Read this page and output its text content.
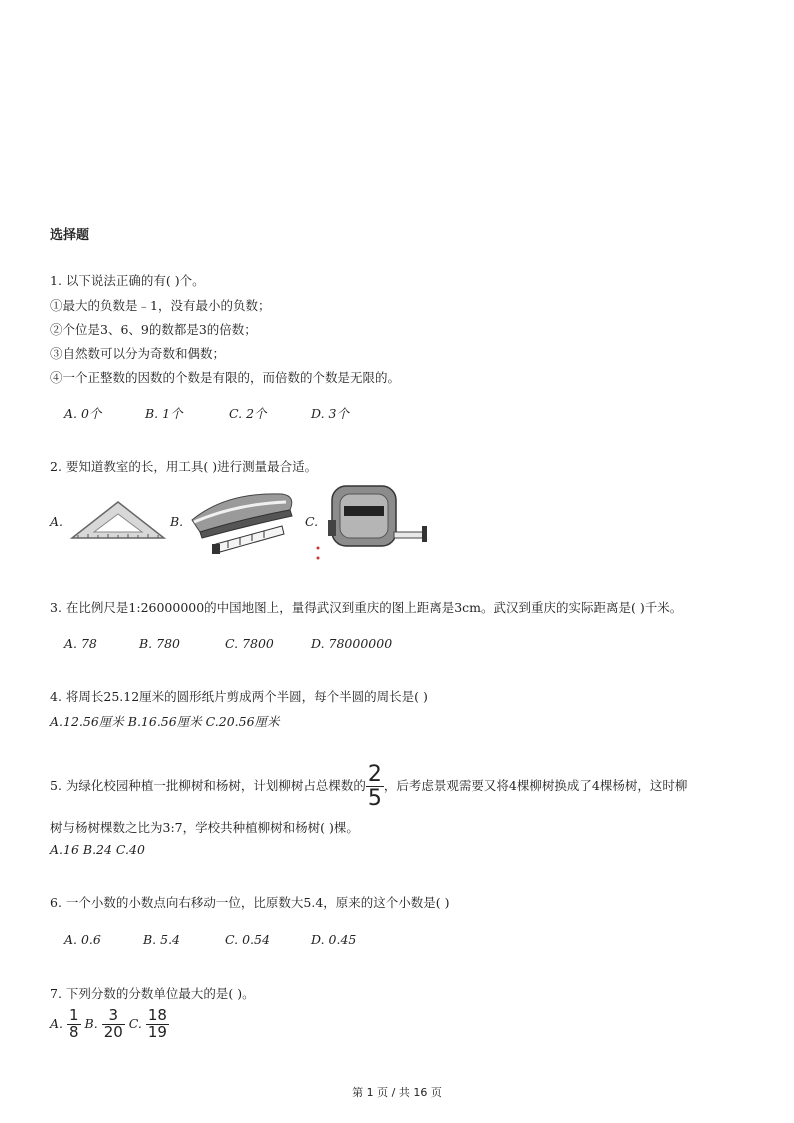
选择题
1. 以下说法正确的有( )个。
①最大的负数是﹣1，没有最小的负数；
②个位是3、6、9的数都是3的倍数；
③自然数可以分为奇数和偶数；
④一个正整数的因数的个数是有限的，而倍数的个数是无限的。
A. 0个	B. 1个	C. 2个	D. 3个
2. 要知道教室的长，用工具( )进行测量最合适。
A.	B.	C.
3. 在比例尺是1:26000000的中国地图上，量得武汉到重庆的图上距离是3cm。武汉到重庆的实际距离是( )千米。
A. 78	B. 780	C. 7800	D. 78000000
4. 将周长25.12厘米的圆形纸片剪成两个半圆，每个半圆的周长是( )
A.12.56厘米 B.16.56厘米 C.20.56厘米
5. 为绿化校园种植一批柳树和杨树，计划柳树占总棵数的 $\frac{2}{5}$ ，后考虑景观需要又将4棵柳树换成了4棵杨树，这时柳
树与杨树棵数之比为3:7，学校共种植柳树和杨树( )棵。
A.16 B.24 C.40
6. 一个小数的小数点向右移动一位，比原数大5.4，原来的这个小数是( )
A. 0.6	B. 5.4	C. 0.54	D. 0.45
7. 下列分数的分数单位最大的是( )。
A. $\frac{1}{8} B$. $\frac{3}{20} C$. $\frac{18}{19}$
第 1 页 / 共 16 页
